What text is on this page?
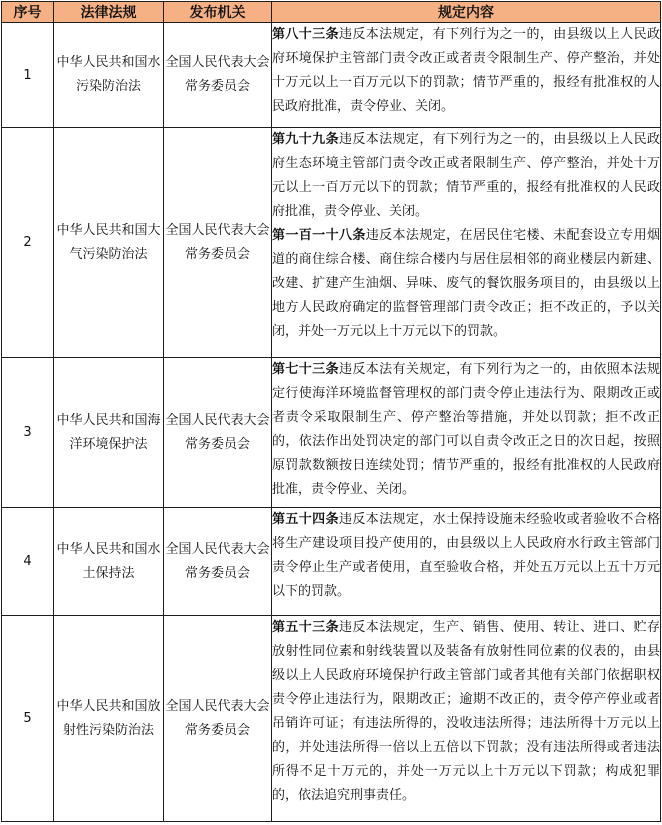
序号	法律法规	发布机关	规定内容
1	中华人民共和国水污染防治法	全国人民代表大会常务委员会	第八十三条违反本法规定，有下列行为之一的，由县级以上人民政府环境保护主管部门责令改正或者责令限制生产、停产整治，并处十万元以上一百万元以下的罚款；情节严重的，报经有批准权的人民政府批准，责令停业、关闭。

2	中华人民共和国大气污染防治法	全国人民代表大会常务委员会	第九十九条违反本法规定，有下列行为之一的，由县级以上人民政府生态环境主管部门责令改正或者限制生产、停产整治，并处十万元以上一百万元以下的罚款；情节严重的，报经有批准权的人民政府批准，责令停业、关闭。

第一百一十八条违反本法规定，在居民住宅楼、未配套设立专用烟道的商住综合楼、商住综合楼内与居住层相邻的商业楼层内新建、改建、扩建产生油烟、异味、废气的餐饮服务项目的，由县级以上地方人民政府确定的监督管理部门责令改正；拒不改正的，予以关闭，并处一万元以上十万元以下的罚款。

3	中华人民共和国海洋环境保护法	全国人民代表大会常务委员会	第七十三条违反本法有关规定，有下列行为之一的，由依照本法规定行使海洋环境监督管理权的部门责令停止违法行为、限期改正或者责令采取限制生产、停产整治等措施，并处以罚款；拒不改正的，依法作出处罚决定的部门可以自责令改正之日的次日起，按照原罚款数额按日连续处罚；情节严重的，报经有批准权的人民政府批准，责令停业、关闭。

4	中华人民共和国水土保持法	全国人民代表大会常务委员会	第五十四条违反本法规定，水土保持设施未经验收或者验收不合格将生产建设项目投产使用的，由县级以上人民政府水行政主管部门责令停止生产或者使用，直至验收合格，并处五万元以上五十万元以下的罚款。

5	中华人民共和国放射性污染防治法	全国人民代表大会常务委员会	第五十三条违反本法规定，生产、销售、使用、转让、进口、贮存放射性同位素和射线装置以及装备有放射性同位素的仪表的，由县级以上人民政府环境保护行政主管部门或者其他有关部门依据职权责令停止违法行为，限期改正；逾期不改正的，责令停产停业或者吊销许可证；有违法所得的，没收违法所得；违法所得十万元以上的，并处违法所得一倍以上五倍以下罚款；没有违法所得或者违法所得不足十万元的，并处一万元以上十万元以下罚款；构成犯罪的，依法追究刑事责任。
